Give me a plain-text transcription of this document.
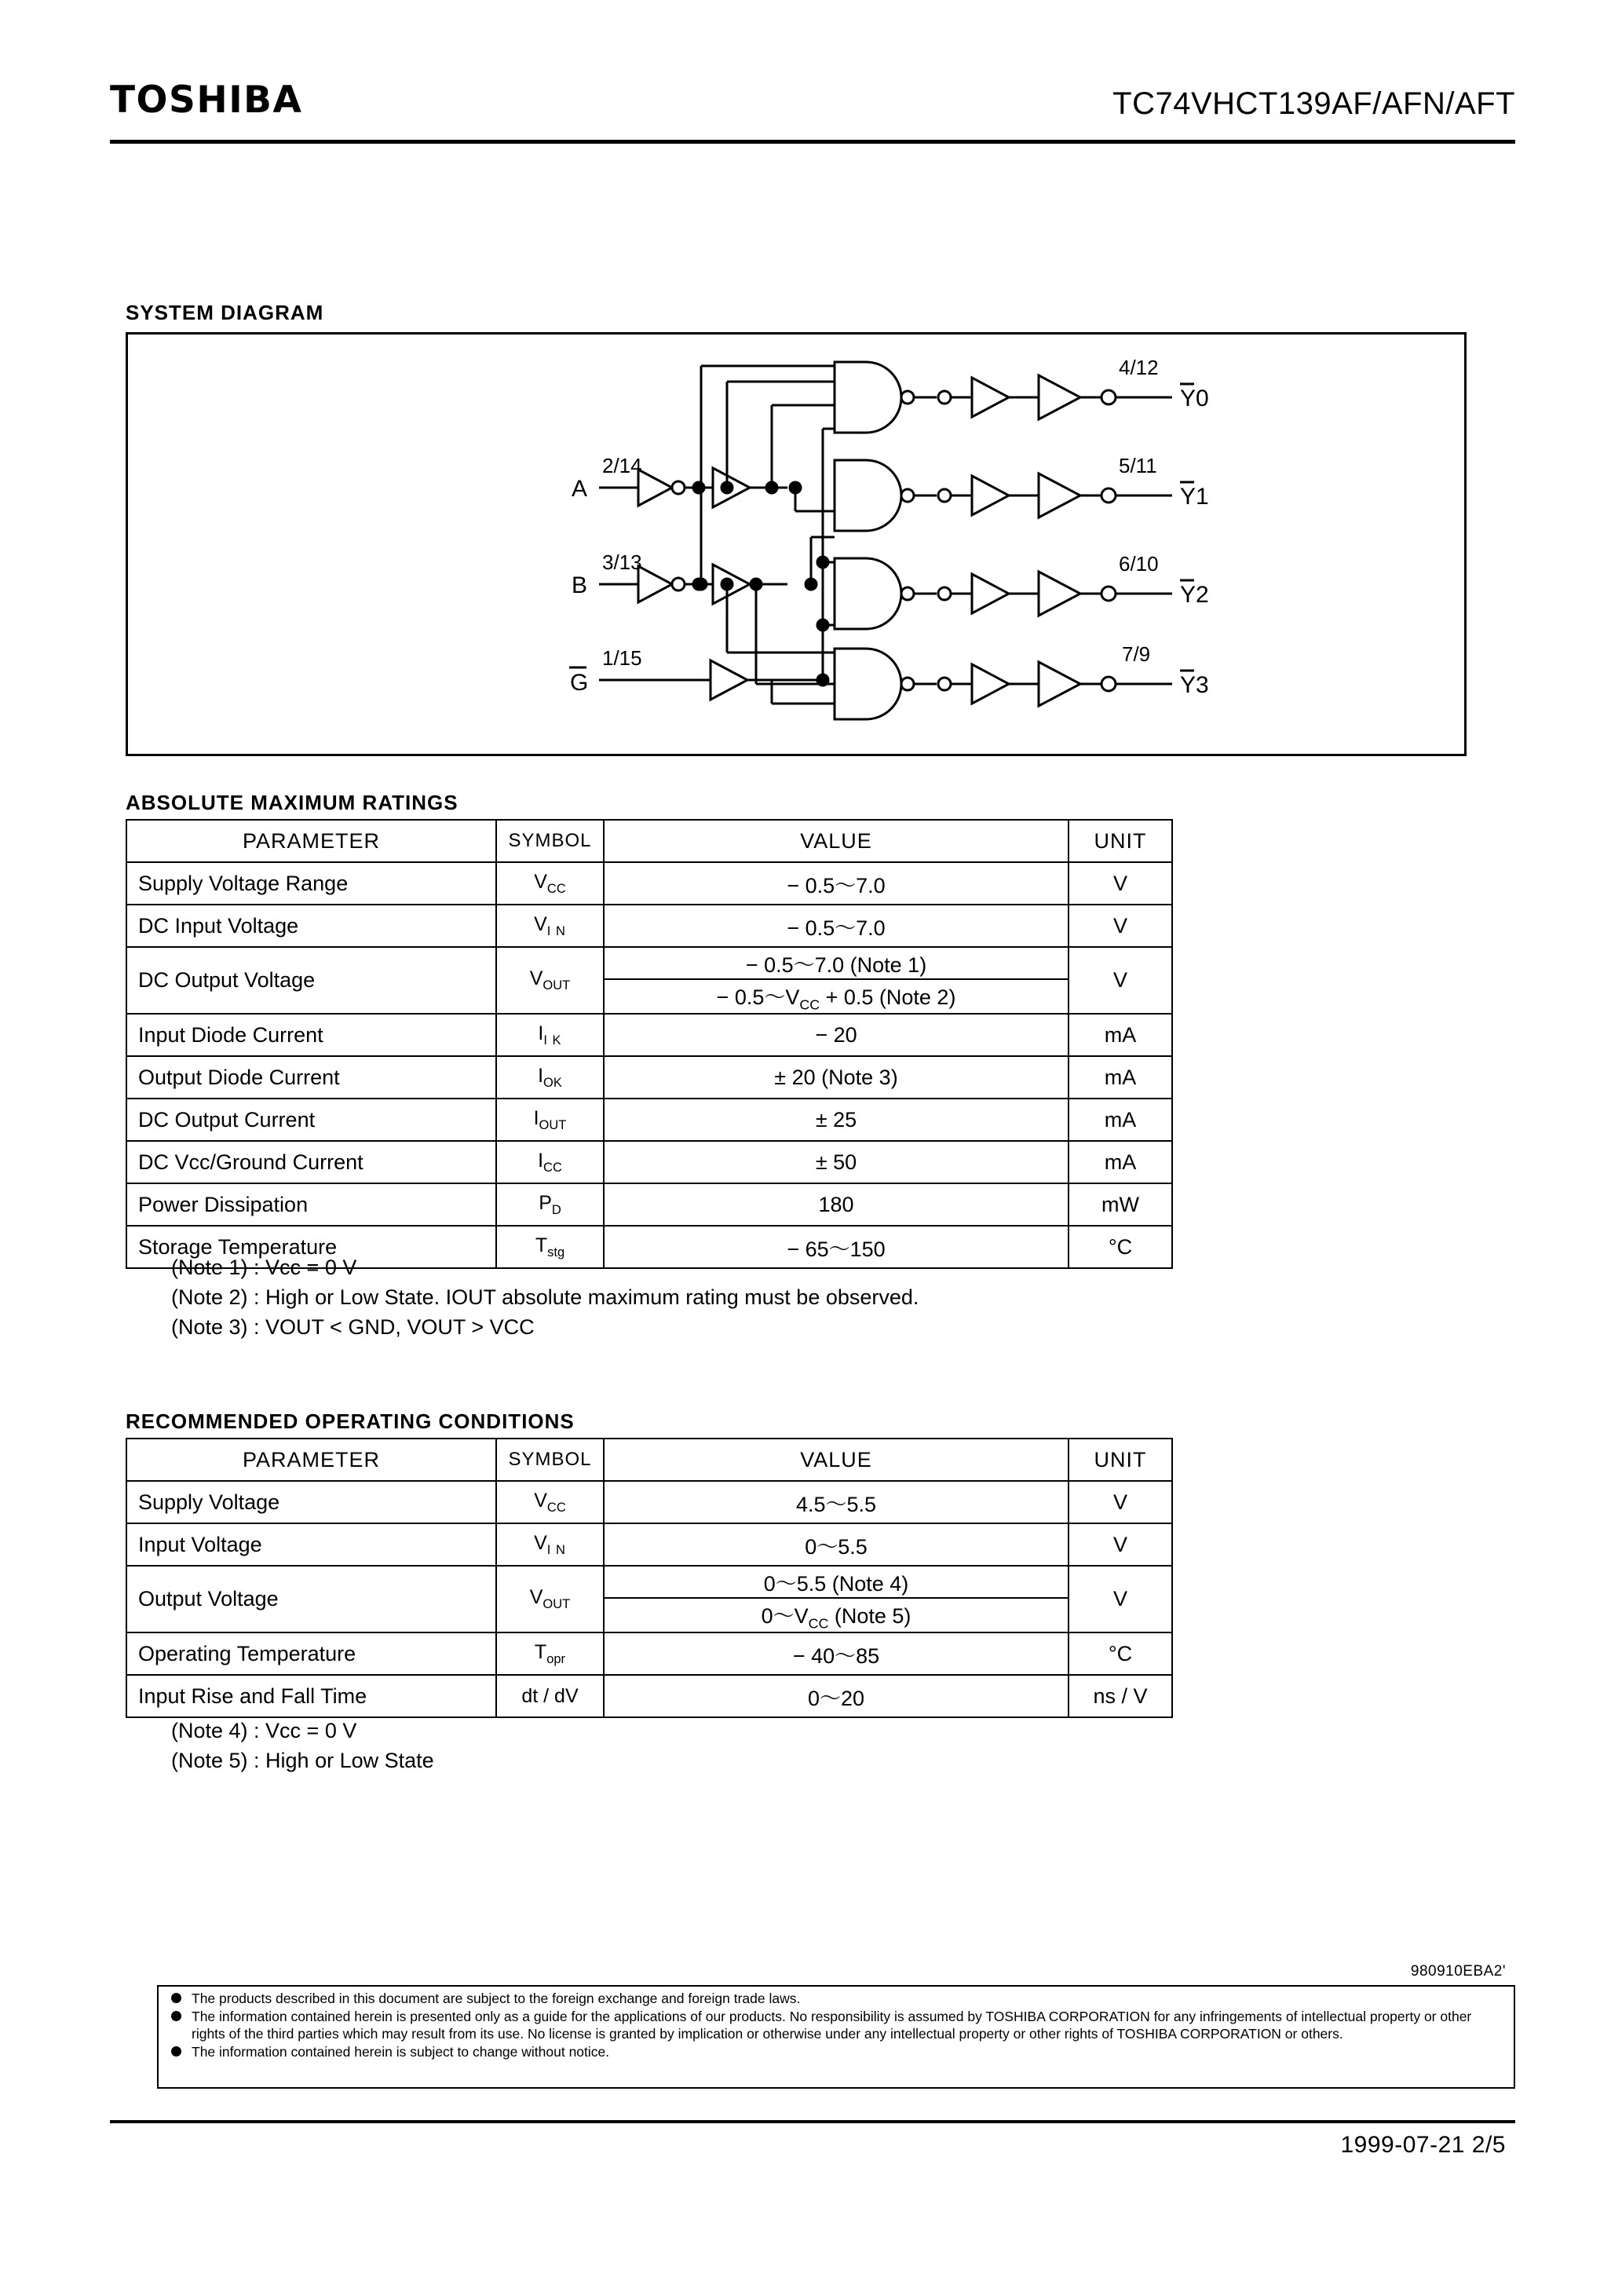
TOSHIBA	TC74VHCT139AF/AFN/AFT
SYSTEM DIAGRAM
A
2/14
B
3/13
G
1/15
4/12
Y0
5/11
Y1
6/10
Y2
7/9
Y3
ABSOLUTE MAXIMUM RATINGS
PARAMETER	SYMBOL	VALUE	UNIT
Supply Voltage Range	$V_{CC}$	− 0.5～7.0	V
DC Input Voltage	$V_{I N}$	− 0.5～7.0	V
DC Output Voltage	$V_{OUT}$	− 0.5～7.0 (Note 1)	V
		− $0.5\sim V_{CC} + 0.5$ (Note 2)	
Input Diode Current	$I_{I K}$	− 20	mA
Output Diode Current	$I_{OK}$	± 20 (Note 3)	mA
DC Output Current	$I_{OUT}$	± 25	mA
DC Vcc/Ground Current	$I_{CC}$	± 50	mA
Power Dissipation	$P_D$	180	mW
Storage Temperature	$T_{stg}$	− 65～150	°C
(Note 1) : Vcc = 0 V
(Note 2) : High or Low State. IOUT absolute maximum rating must be observed.
(Note 3) : VOUT < GND, VOUT > VCC
RECOMMENDED OPERATING CONDITIONS
PARAMETER	SYMBOL	VALUE	UNIT
Supply Voltage	$V_{CC}$	4.5～5.5	V
Input Voltage	$V_{I N}$	0～5.5	V
Output Voltage	$V_{OUT}$	0～5.5 (Note 4)	V
		$0\sim V_{CC}$ (Note 5)	
Operating Temperature	$T_{opr}$	− 40～85	°C
Input Rise and Fall Time	dt / dV	0～20	ns / V
(Note 4) : Vcc = 0 V
(Note 5) : High or Low State
980910EBA2'
The products described in this document are subject to the foreign exchange and foreign trade laws.
The information contained herein is presented only as a guide for the applications of our products. No responsibility is assumed by TOSHIBA CORPORATION for any infringements of intellectual property or other rights of the third parties which may result from its use. No license is granted by implication or otherwise under any intellectual property or other rights of TOSHIBA CORPORATION or others.
The information contained herein is subject to change without notice.
1999-07-21 2/5
